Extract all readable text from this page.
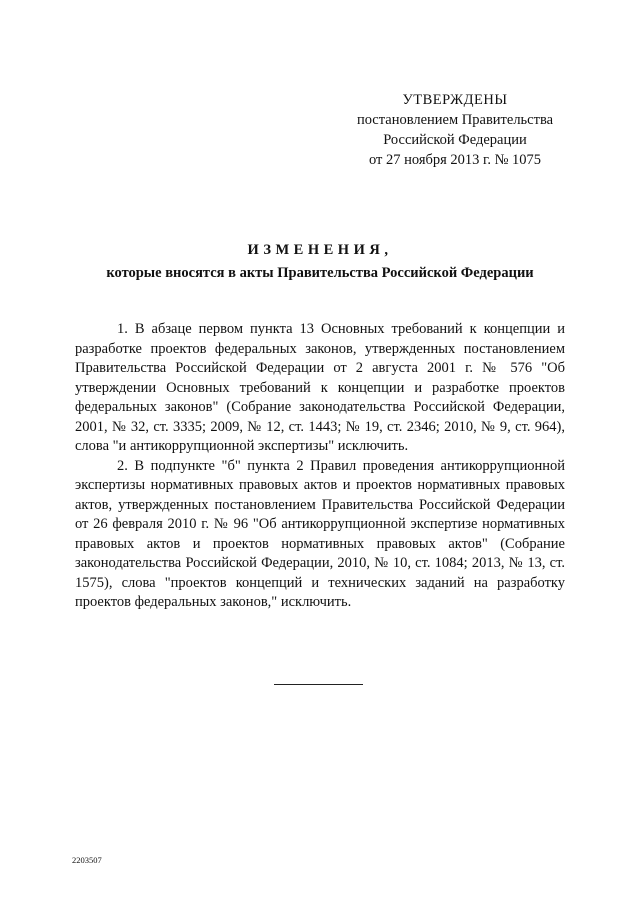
УТВЕРЖДЕНЫ
постановлением Правительства
Российской Федерации
от 27 ноября 2013 г. № 1075
ИЗМЕНЕНИЯ,
которые вносятся в акты Правительства Российской Федерации

1. В абзаце первом пункта 13 Основных требований к концепции и разработке проектов федеральных законов, утвержденных постановлением Правительства Российской Федерации от 2 августа 2001 г. № 576 "Об утверждении Основных требований к концепции и разработке проектов федеральных законов" (Собрание законодательства Российской Федерации, 2001, № 32, ст. 3335; 2009, № 12, ст. 1443; № 19, ст. 2346; 2010, № 9, ст. 964), слова "и антикоррупционной экспертизы" исключить.

2. В подпункте "б" пункта 2 Правил проведения антикоррупционной экспертизы нормативных правовых актов и проектов нормативных правовых актов, утвержденных постановлением Правительства Российской Федерации от 26 февраля 2010 г. № 96 "Об антикоррупционной экспертизе нормативных правовых актов и проектов нормативных правовых актов" (Собрание законодательства Российской Федерации, 2010, № 10, ст. 1084; 2013, № 13, ст. 1575), слова "проектов концепций и технических заданий на разработку проектов федеральных законов," исключить.

2203507
